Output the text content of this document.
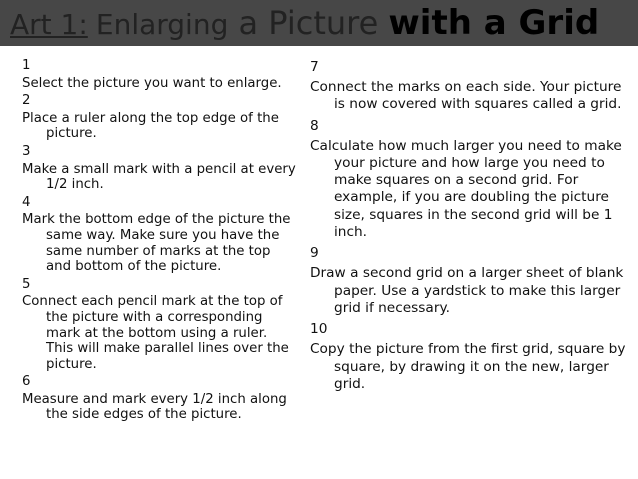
Art 1: Enlarging a Picture with a Grid

1

Select the picture you want to enlarge.

2

Place a ruler along the top edge of the picture.

3

Make a small mark with a pencil at every 1/2 inch.

4

Mark the bottom edge of the picture the same way. Make sure you have the same number of marks at the top and bottom of the picture.

5

Connect each pencil mark at the top of the picture with a corresponding mark at the bottom using a ruler. This will make parallel lines over the picture.

6

Measure and mark every 1/2 inch along the side edges of the picture.

7

Connect the marks on each side. Your picture is now covered with squares called a grid.

8

Calculate how much larger you need to make your picture and how large you need to make squares on a second grid. For example, if you are doubling the picture size, squares in the second grid will be 1 inch.

9

Draw a second grid on a larger sheet of blank paper. Use a yardstick to make this larger grid if necessary.

10

Copy the picture from the first grid, square by square, by drawing it on the new, larger grid.
